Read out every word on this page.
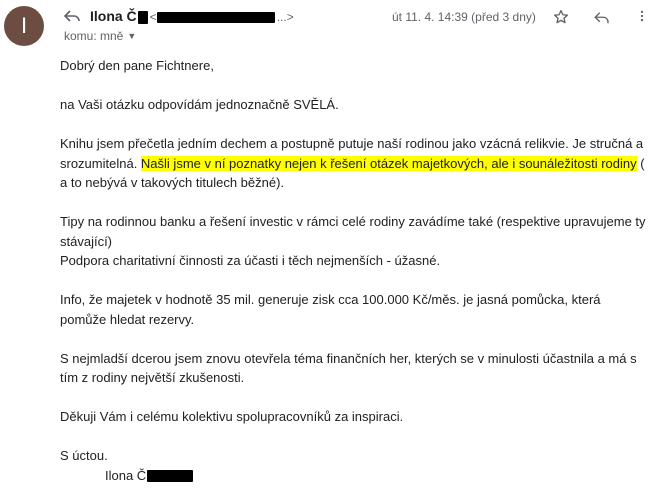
I	Ilona Č <	...>	út 11. 4. 14:39 (před 3 dny)
komu: mně ▼

Dobrý den pane Fichtnere,

na Vaši otázku odpovídám jednoznačně SVĚLÁ.

Knihu jsem přečetla jedním dechem a postupně putuje naší rodinou jako vzácná relikvie. Je stručná a

srozumitelná. Našli jsme v ní poznatky nejen k řešení otázek majetkových, ale i sounáležitosti rodiny (

a to nebývá v takových titulech běžné).

Tipy na rodinnou banku a řešení investic v rámci celé rodiny zavádíme také (respektive upravujeme ty

stávající)

Podpora charitativní činnosti za účasti i těch nejmenších - úžasné.

Info, že majetek v hodnotě 35 mil. generuje zisk cca 100.000 Kč/měs. je jasná pomůcka, která

pomůže hledat rezervy.

S nejmladší dcerou jsem znovu otevřela téma finančních her, kterých se v minulosti účastnila a má s

tím z rodiny největší zkušenosti.

Děkuji Vám i celému kolektivu spolupracovníků za inspiraci.

S úctou.

Ilona Č
